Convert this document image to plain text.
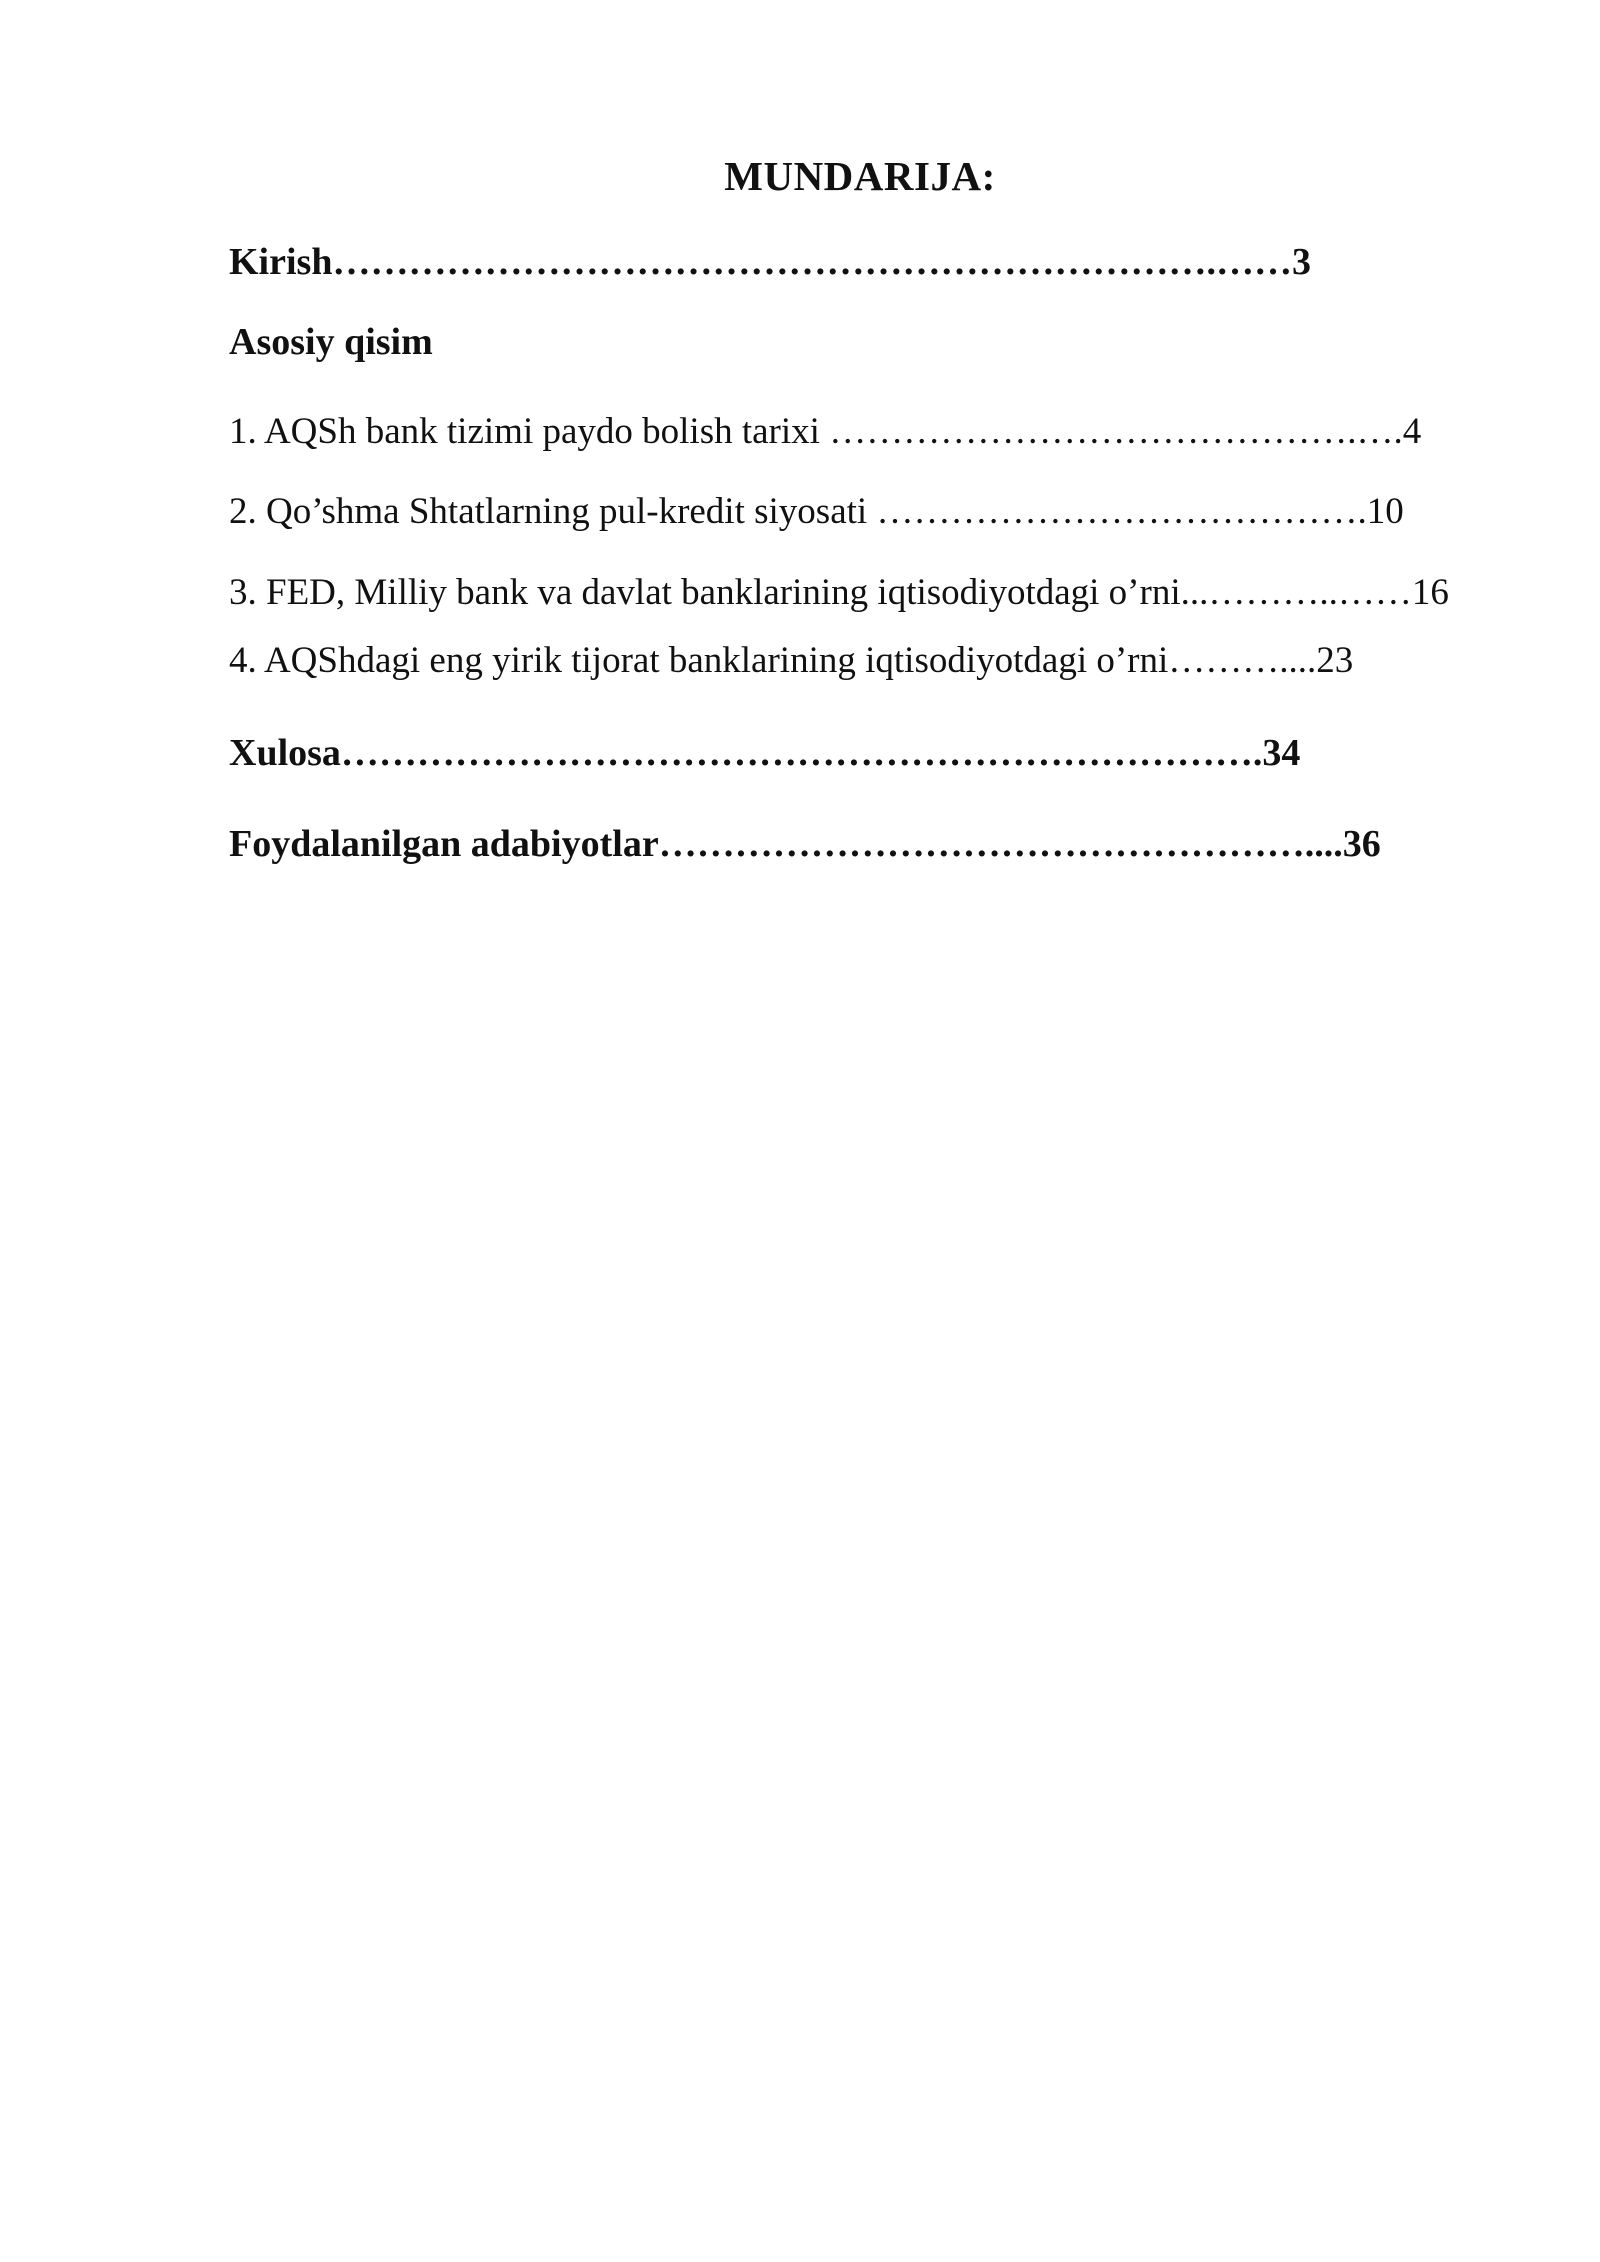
MUNDARIJA:
Kirish…………………………………………………………….……3
Asosiy qisim
1. AQSh bank tizimi paydo bolish tarixi …………………………………….….4
2. Qo’shma Shtatlarning pul-kredit siyosati ………………………………….10
3. FED, Milliy bank va davlat banklarining iqtisodiyotdagi o’rni...………..……16
4. AQShdagi eng yirik tijorat banklarining iqtisodiyotdagi o’rni………....23
Xulosa……………………………………………………………….34
Foydalanilgan adabiyotlar……………………………………………....36
